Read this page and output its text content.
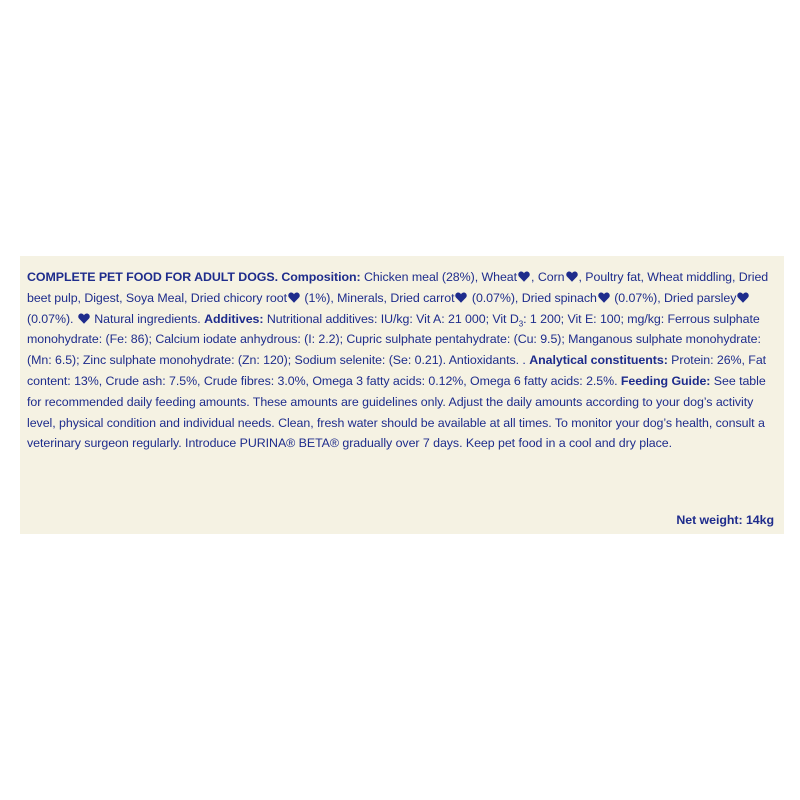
COMPLETE PET FOOD FOR ADULT DOGS. Composition: Chicken meal (28%), Wheat , Corn , Poultry fat, Wheat middling, Dried beet pulp, Digest, Soya Meal, Dried chicory root
(1%), Minerals, Dried carrot
(0.07%), Dried spinach
(0.07%), Dried parsley
(0.07%).
Natural ingredients. Additives: Nutritional additives: IU/kg: Vit A: 21 000; Vit $D_3$: 1 200; Vit E: 100; mg/kg: Ferrous sulphate monohydrate: (Fe: 86); Calcium iodate anhydrous: (I: 2.2); Cupric sulphate pentahydrate: (Cu: 9.5); Manganous sulphate monohydrate: (Mn: 6.5); Zinc sulphate monohydrate: (Zn: 120); Sodium selenite: (Se: 0.21). Antioxidants. . Analytical constituents: Protein: 26%, Fat content: 13%, Crude ash: 7.5%, Crude fibres: 3.0%, Omega 3 fatty acids: 0.12%, Omega 6 fatty acids: 2.5%. Feeding Guide: See table for recommended daily feeding amounts. These amounts are guidelines only. Adjust the daily amounts according to your dog’s activity level, physical condition and individual needs. Clean, fresh water should be available at all times. To monitor your dog’s health, consult a veterinary surgeon regularly. Introduce PURINA® BETA® gradually over 7 days. Keep pet food in a cool and dry place.
Net weight: 14kg
